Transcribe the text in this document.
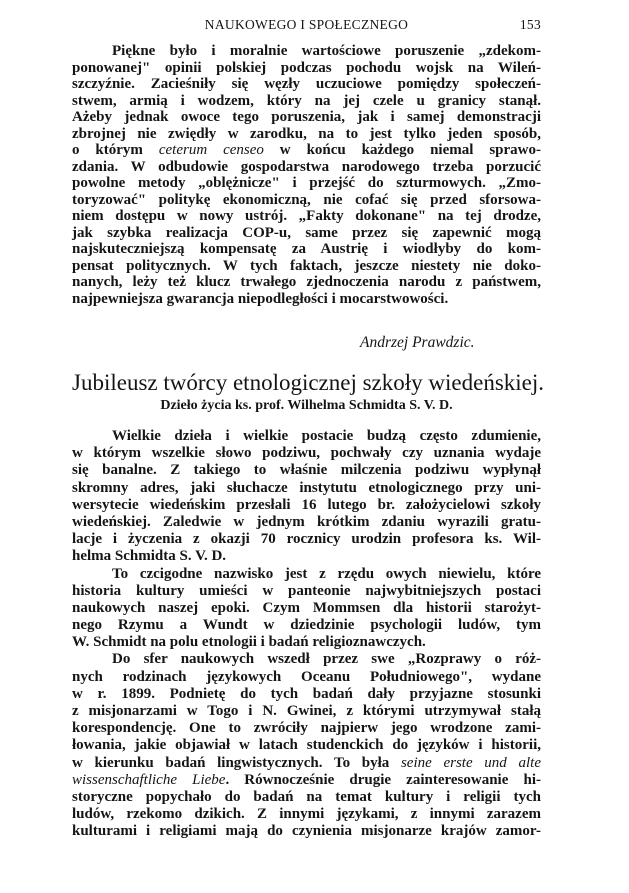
NAUKOWEGO I SPOŁECZNEGO	153
Piękne było i moralnie wartościowe poruszenie „zdekom-
ponowanej" opinii polskiej podczas pochodu wojsk na Wileń-
szczyźnie. Zacieśniły się węzły uczuciowe pomiędzy społeczeń-
stwem, armią i wodzem, który na jej czele u granicy stanął.
Ażeby jednak owoce tego poruszenia, jak i samej demonstracji
zbrojnej nie zwiędły w zarodku, na to jest tylko jeden sposób,
o którym ceterum censeo w końcu każdego niemal sprawo-
zdania. W odbudowie gospodarstwa narodowego trzeba porzucić
powolne metody „oblężnicze" i przejść do szturmowych. „Zmo-
toryzować" politykę ekonomiczną, nie cofać się przed sforsowa-
niem dostępu w nowy ustrój. „Fakty dokonane" na tej drodze,
jak szybka realizacja COP-u, same przez się zapewnić mogą
najskuteczniejszą kompensatę za Austrię i wiodłyby do kom-
pensat politycznych. W tych faktach, jeszcze niestety nie doko-
nanych, leży też klucz trwałego zjednoczenia narodu z państwem,
najpewniejsza gwarancja niepodległości i mocarstwowości.
Andrzej Prawdzic.
Jubileusz twórcy etnologicznej szkoły wiedeńskiej.
Dzieło życia ks. prof. Wilhelma Schmidta S. V. D.
Wielkie dzieła i wielkie postacie budzą często zdumienie,
w którym wszelkie słowo podziwu, pochwały czy uznania wydaje
się banalne. Z takiego to właśnie milczenia podziwu wypłynął
skromny adres, jaki słuchacze instytutu etnologicznego przy uni-
wersytecie wiedeńskim przesłali 16 lutego br. założycielowi szkoły
wiedeńskiej. Zaledwie w jednym krótkim zdaniu wyrazili gratu-
lacje i życzenia z okazji 70 rocznicy urodzin profesora ks. Wil-
helma Schmidta S. V. D.
To czcigodne nazwisko jest z rzędu owych niewielu, które
historia kultury umieści w panteonie najwybitniejszych postaci
naukowych naszej epoki. Czym Mommsen dla historii starożyt-
nego Rzymu a Wundt w dziedzinie psychologii ludów, tym
W. Schmidt na polu etnologii i badań religioznawczych.
Do sfer naukowych wszedł przez swe „Rozprawy o róż-
nych rodzinach językowych Oceanu Południowego", wydane
w r. 1899. Podnietę do tych badań dały przyjazne stosunki
z misjonarzami w Togo i N. Gwinei, z którymi utrzymywał stałą
korespondencję. One to zwróciły najpierw jego wrodzone zami-
łowania, jakie objawiał w latach studenckich do języków i historii,
w kierunku badań lingwistycznych. To była seine erste und alte
wissenschaftliche Liebe. Równocześnie drugie zainteresowanie hi-
storyczne popychało do badań na temat kultury i religii tych
ludów, rzekomo dzikich. Z innymi językami, z innymi zarazem
kulturami i religiami mają do czynienia misjonarze krajów zamor-
